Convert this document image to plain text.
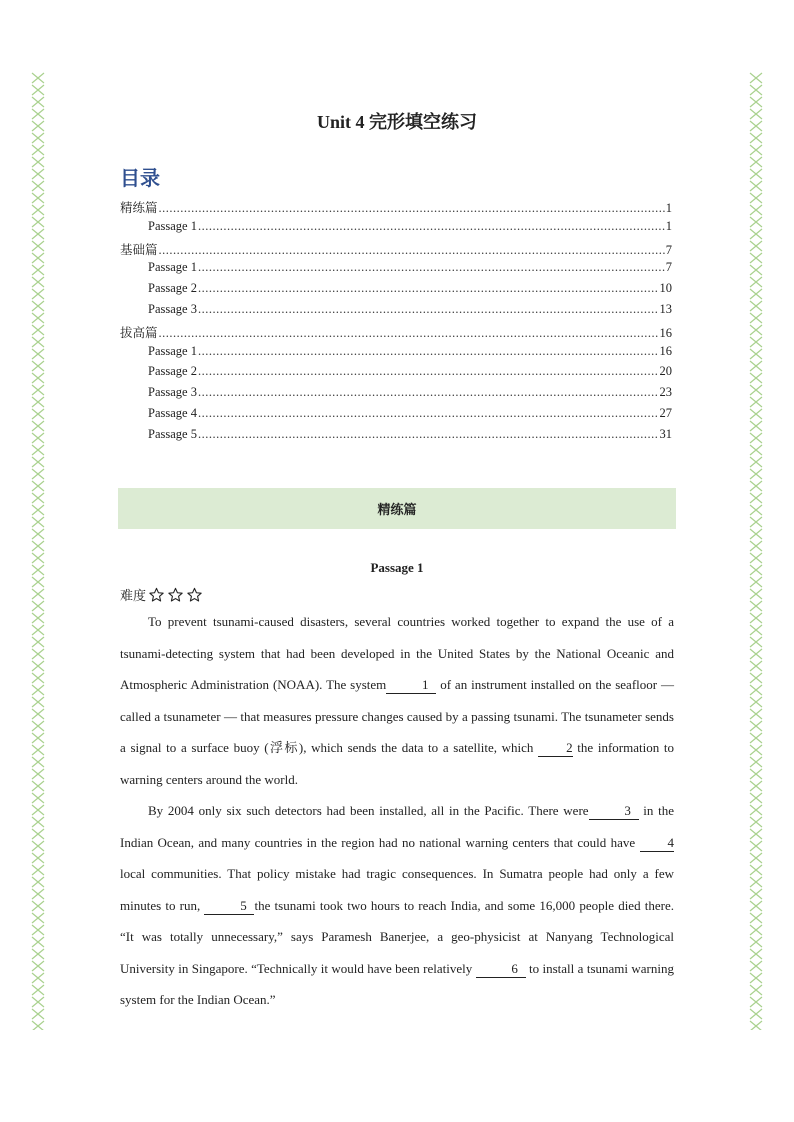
Unit 4 完形填空练习
目录
精练篇 .....	1
Passage 1 .....	1
基础篇 .....	7
Passage 1 .....	7
Passage 2 .....	10
Passage 3 .....	13
拔高篇 .....	16
Passage 1 .....	16
Passage 2 .....	20
Passage 3 .....	23
Passage 4 .....	27
Passage 5 .....	31
精练篇
Passage 1
难度

To prevent tsunami-caused disasters, several countries worked together to expand the use of a tsunami-detecting system that had been developed in the United States by the National Oceanic and Atmospheric Administration (NOAA). The system	1 of an instrument installed on the seafloor — called a tsunameter — that measures pressure changes caused by a passing tsunami. The tsunameter sends a signal to a surface buoy (浮标), which sends the data to a satellite, which 2 the information to warning centers around the world.

By 2004 only six such detectors had been installed, all in the Pacific. There were	3 in the Indian Ocean, and many countries in the region had no national warning centers that could have 4 local communities. That policy mistake had tragic consequences. In Sumatra people had only a few minutes to run,	5 the tsunami took two hours to reach India, and some 16,000 people died there. “It was totally unnecessary,” says Paramesh Banerjee, a geo-physicist at Nanyang Technological University in Singapore. “Technically it would have been relatively	6 to install a tsunami warning system for the Indian Ocean.”
